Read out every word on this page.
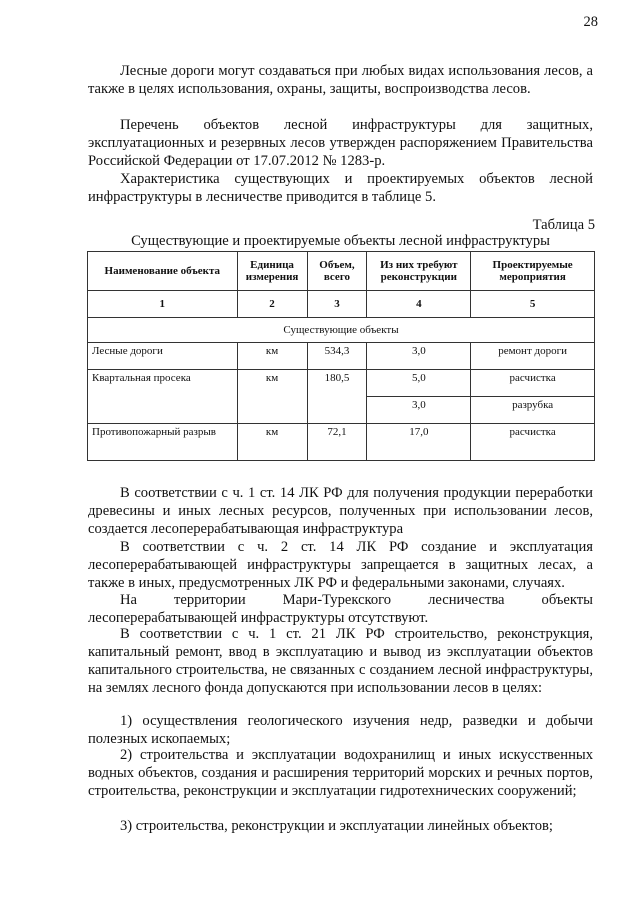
28

Лесные дороги могут создаваться при любых видах использования лесов, а также в целях использования, охраны, защиты, воспроизводства лесов.

Перечень объектов лесной инфраструктуры для защитных, эксплуатационных и резервных лесов утвержден распоряжением Правительства Российской Федерации от 17.07.2012 № 1283-р.

Характеристика существующих и проектируемых объектов лесной инфраструктуры в лесничестве приводится в таблице 5.

Таблица 5
Существующие и проектируемые объекты лесной инфраструктуры
Наименование объекта	Единица измерения	Объем, всего	Из них требуют реконструкции	Проектируемые мероприятия
1	2	3	4	5
Существующие объекты				
Лесные дороги	км	534,3	3,0	ремонт дороги
Квартальная просека	км	180,5	5,0	расчистка
			3,0	разрубка
Противопожарный разрыв	км	72,1	17,0	расчистка

В соответствии с ч. 1 ст. 14 ЛК РФ для получения продукции переработки древесины и иных лесных ресурсов, полученных при использовании лесов, создается лесоперерабатывающая инфраструктура

В соответствии с ч. 2 ст. 14 ЛК РФ создание и эксплуатация лесоперерабатывающей инфраструктуры запрещается в защитных лесах, а также в иных, предусмотренных ЛК РФ и федеральными законами, случаях.

На территории Мари-Турекского лесничества объекты лесоперерабатывающей инфраструктуры отсутствуют.

В соответствии с ч. 1 ст. 21 ЛК РФ строительство, реконструкция, капитальный ремонт, ввод в эксплуатацию и вывод из эксплуатации объектов капитального строительства, не связанных с созданием лесной инфраструктуры, на землях лесного фонда допускаются при использовании лесов в целях:

1) осуществления геологического изучения недр, разведки и добычи полезных ископаемых;

2) строительства и эксплуатации водохранилищ и иных искусственных водных объектов, создания и расширения территорий морских и речных портов, строительства, реконструкции и эксплуатации гидротехнических сооружений;

3) строительства, реконструкции и эксплуатации линейных объектов;
